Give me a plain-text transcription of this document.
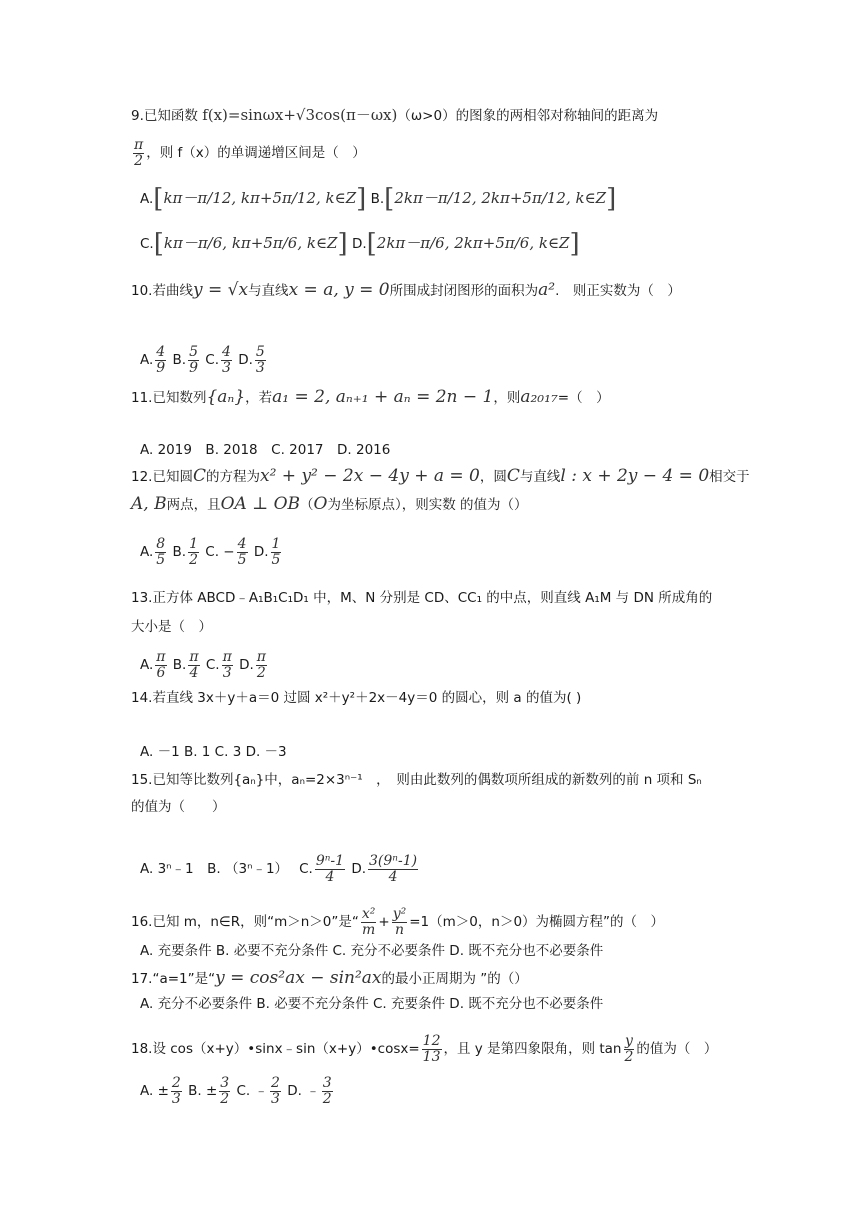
9.已知函数 f(x)=sinωx+√3cos(π－ωx)（ω>0）的图象的两相邻对称轴间的距离为
$\frac{\pi}{2}$ ，则 f（x）的单调递增区间是（　）
A.[kπ－π/12, kπ+5π/12, k∈Z] B.[2kπ－π/12, 2kπ+5π/12, k∈Z]
C.[kπ－π/6, kπ+5π/6, k∈Z] D.[2kπ－π/6, 2kπ+5π/6, k∈Z]
10.若曲线y = √x与直线x = a, y = 0所围成封闭图形的面积为a².　则正实数为（　）
A. $\frac{4}{9} B$. $\frac{5}{9} C$. $\frac{4}{3} D$. $\frac{5}{3}$
11.已知数列{aₙ}，若a₁ = 2, aₙ₊₁ + aₙ = 2n − 1，则a₂₀₁₇=（　）
A. 2019　B. 2018　C. 2017　D. 2016
12.已知圆C的方程为x² + y² − 2x − 4y + a = 0，圆C与直线l : x + 2y − 4 = 0相交于
A, B两点，且OA ⊥ OB（O为坐标原点），则实数 的值为（）
A. $\frac{8}{5} B$. $\frac{1}{2} C$. − $\frac{4}{5} D$. $\frac{1}{5}$
13.正方体 ABCD﹣A₁B₁C₁D₁ 中，M、N 分别是 CD、CC₁ 的中点，则直线 A₁M 与 DN 所成角的
大小是（　）
A. $\frac{\pi}{6} B$. $\frac{\pi}{4} C$. $\frac{\pi}{3} D$. $\frac{\pi}{2}$
14.若直线 3x＋y＋a＝0 过圆 x²＋y²＋2x－4y＝0 的圆心，则 a 的值为( )
A. －1 B. 1 C. 3 D. －3
15.已知等比数列{aₙ}中，aₙ=2×3ⁿ⁻¹　，　则由此数列的偶数项所组成的新数列的前 n 项和 Sₙ
的值为（　　）
A. 3ⁿ﹣1　 B. （3ⁿ﹣1）　 C. $\frac{\text{9ⁿ-1}}{4} D$. $\frac{\text{3(9ⁿ-1)}}{4}$
16.已知 m，n∈R，则“m＞n＞0”是“ $\frac{\text{x²}}{m} + \frac{\text{y²}}{n} =1(m>0$，n＞0）为椭圆方程”的（　）
A. 充要条件 B. 必要不充分条件 C. 充分不必要条件 D. 既不充分也不必要条件
17.“a=1”是“y = cos²ax − sin²ax的最小正周期为 ”的（）
A. 充分不必要条件 B. 必要不充分条件 C. 充要条件 D. 既不充分也不必要条件
18.设 cos（x+y）•sinx﹣sin（x+y）•cosx= $\frac{12}{13}$ ，且 y 是第四象限角，则 $\tan \frac{y}{2}$ 的值为（　）
A. ± $\frac{2}{3} B$. ± $\frac{3}{2} C$. ﹣ $\frac{2}{3} D$. ﹣ $\frac{3}{2}$
